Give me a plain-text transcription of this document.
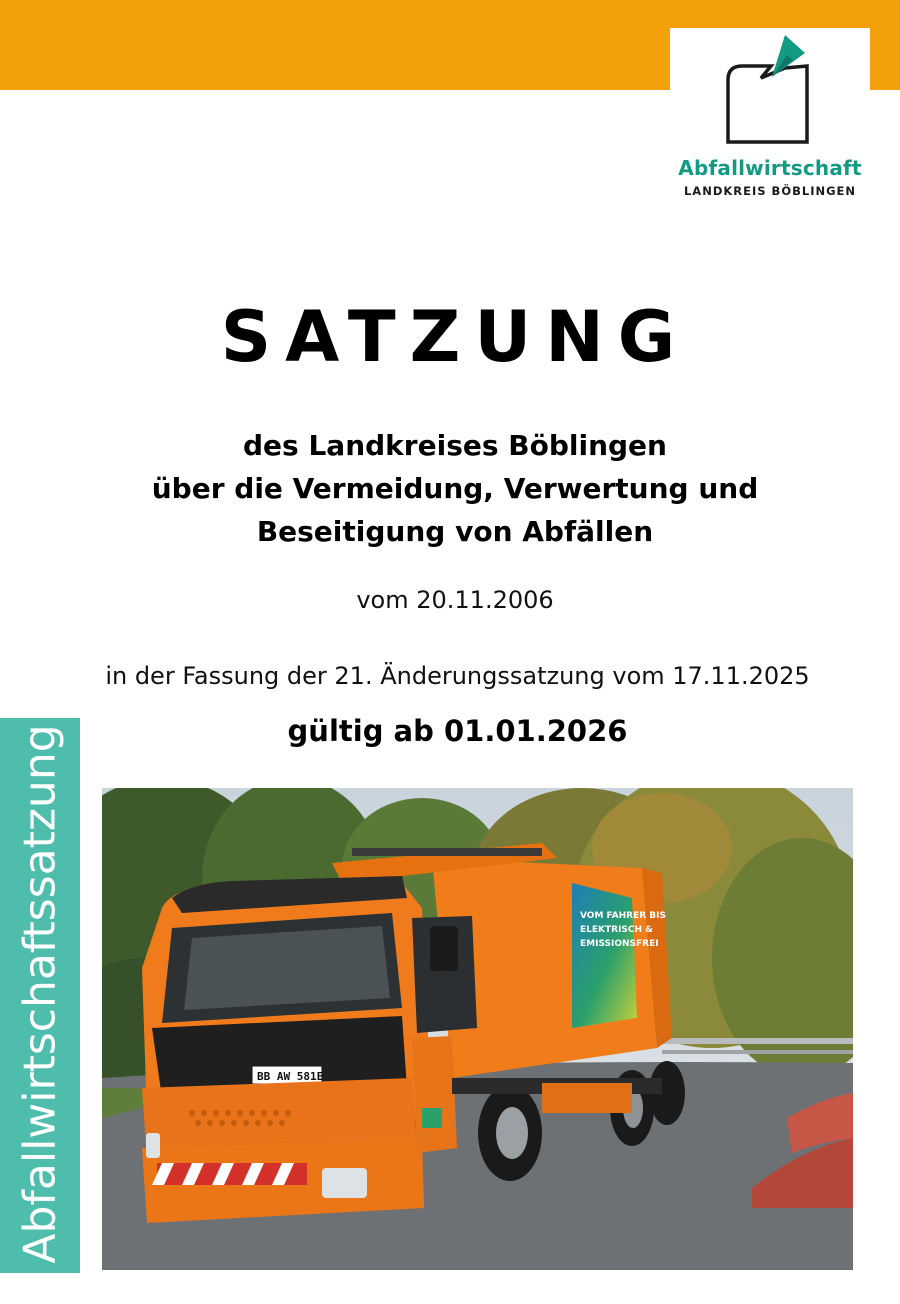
Abfallwirtschaft
LANDKREIS BÖBLINGEN
SATZUNG
des Landkreises Böblingen
über die Vermeidung, Verwertung und
Beseitigung von Abfällen
vom 20.11.2006
in der Fassung der 21. Änderungssatzung vom 17.11.2025
gültig ab 01.01.2026
Abfallwirtschaftssatzung	VOM FAHRER BIS
ELEKTRISCH &
EMISSIONSFREI
BB AW 581E
